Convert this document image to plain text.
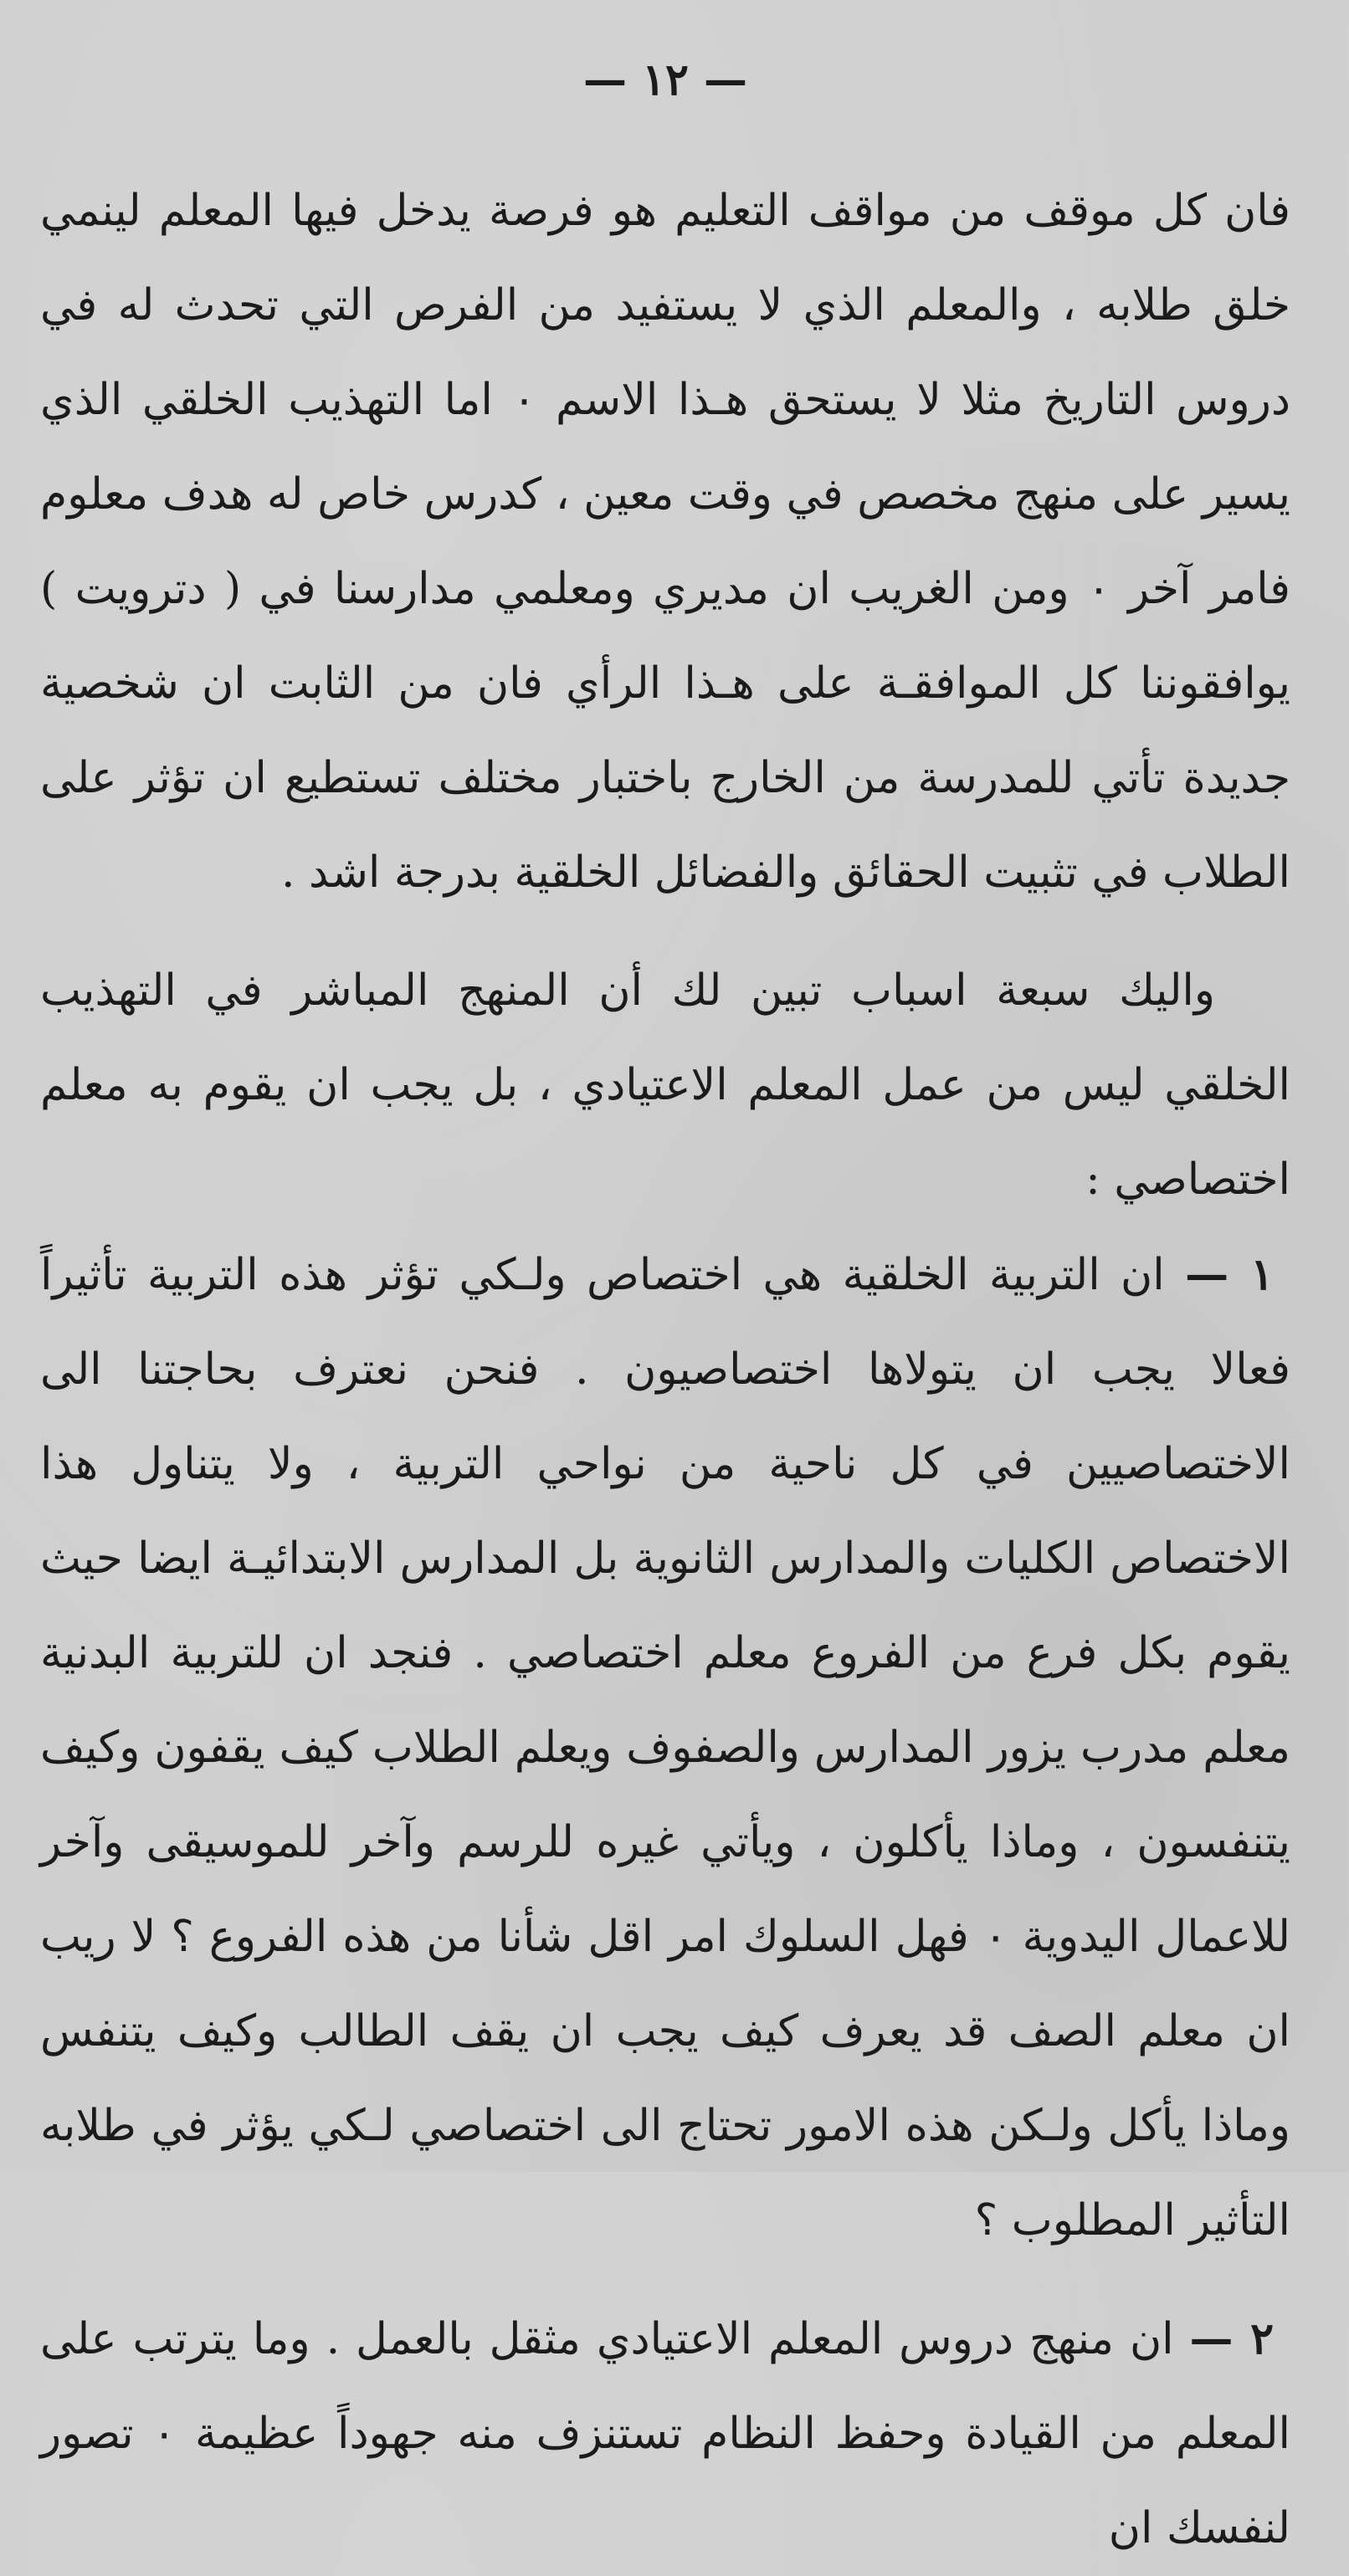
— ١٢ —

فان كل موقف من مواقف التعليم هو فرصة يدخل فيها المعلم لينمي خلق طلابه ، والمعلم الذي لا يستفيد من الفرص التي تحدث له في دروس التاريخ مثلا لا يستحق هـذا الاسم ٠ اما التهذيب الخلقي الذي يسير على منهج مخصص في وقت معين ، كدرس خاص له هدف معلوم فامر آخر ٠ ومن الغريب ان مديري ومعلمي مدارسنا في ( دترويت ) يوافقوننا كل الموافقـة على هـذا الرأي فان من الثابت ان شخصية جديدة تأتي للمدرسة من الخارج باختبار مختلف تستطيع ان تؤثر على الطلاب في تثبيت الحقائق والفضائل الخلقية بدرجة اشد .

واليك سبعة اسباب تبين لك أن المنهج المباشر في التهذيب الخلقي ليس من عمل المعلم الاعتيادي ، بل يجب ان يقوم به معلم اختصاصي :

١ — ان التربية الخلقية هي اختصاص ولـكي تؤثر هذه التربية تأثيراً فعالا يجب ان يتولاها اختصاصيون . فنحن نعترف بحاجتنا الى الاختصاصيين في كل ناحية من نواحي التربية ، ولا يتناول هذا الاختصاص الكليات والمدارس الثانوية بل المدارس الابتدائيـة ايضا حيث يقوم بكل فرع من الفروع معلم اختصاصي . فنجد ان للتربية البدنية معلم مدرب يزور المدارس والصفوف ويعلم الطلاب كيف يقفون وكيف يتنفسون ، وماذا يأكلون ، ويأتي غيره للرسم وآخر للموسيقى وآخر للاعمال اليدوية ٠ فهل السلوك امر اقل شأنا من هذه الفروع ؟ لا ريب ان معلم الصف قد يعرف كيف يجب ان يقف الطالب وكيف يتنفس وماذا يأكل ولـكن هذه الامور تحتاج الى اختصاصي لـكي يؤثر في طلابه التأثير المطلوب ؟

٢ — ان منهج دروس المعلم الاعتيادي مثقل بالعمل . وما يترتب على المعلم من القيادة وحفظ النظام تستنزف منه جهوداً عظيمة ٠ تصور لنفسك ان
